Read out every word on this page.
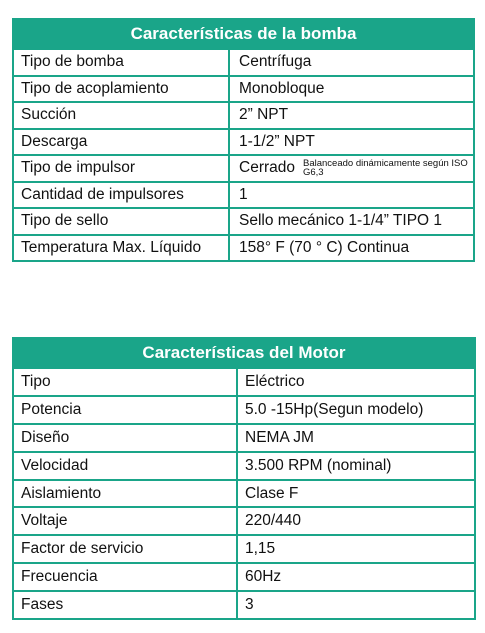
Características de la bomba
Tipo de bomba	Centrífuga
Tipo de acoplamiento	Monobloque
Succión	2” NPT
Descarga	1-1/2” NPT
Tipo de impulsor	Cerrado Balanceado dinámicamente según ISO G6,3
Cantidad de impulsores	1
Tipo de sello	Sello mecánico 1-1/4” TIPO 1
Temperatura Max. Líquido	158° F (70 ° C) Continua
Características del Motor
Tipo	Eléctrico
Potencia	5.0 -15Hp(Segun modelo)
Diseño	NEMA JM
Velocidad	3.500 RPM (nominal)
Aislamiento	Clase F
Voltaje	220/440
Factor de servicio	1,15
Frecuencia	60Hz
Fases	3
